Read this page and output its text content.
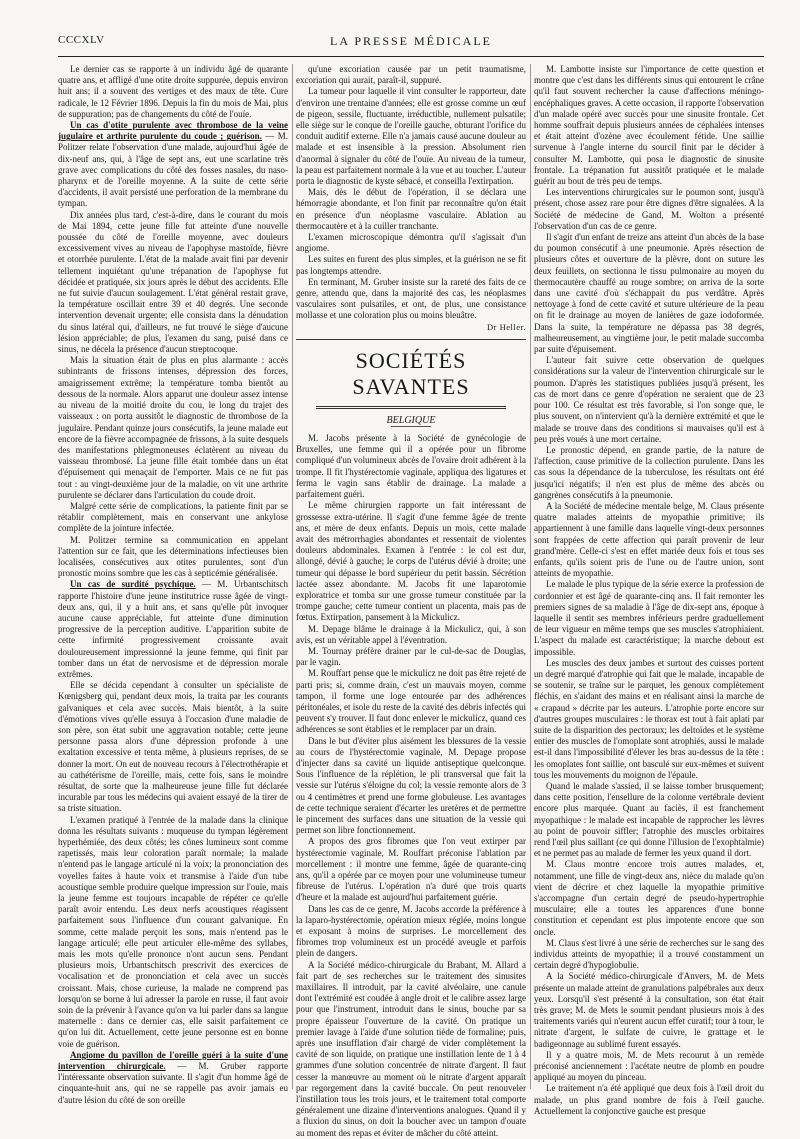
CCCXLV	LA PRESSE MÉDICALE

Le dernier cas se rapporte à un individu âgé de quarante quatre ans, et affligé d'une otite droite suppurée, depuis environ huit ans; il a souvent des vertiges et des maux de tête. Cure radicale, le 12 Février 1896. Depuis la fin du mois de Mai, plus de suppuration; pas de changements du côté de l'ouïe.

Un cas d'otite purulente avec thrombose de la veine jugulaire et arthrite purulente du coude ; guérison. — M. Politzer relate l'observation d'une malade, aujourd'hui âgée de dix-neuf ans, qui, à l'âge de sept ans, eut une scarlatine très grave avec complications du côté des fosses nasales, du naso-pharynx et de l'oreille moyenne. A la suite de cette série d'accidents, il avait persisté une perforation de la membrane du tympan.

Dix années plus tard, c'est-à-dire, dans le courant du mois de Mai 1894, cette jeune fille fut atteinte d'une nouvelle poussée du côté de l'oreille moyenne, avec douleurs excessivement vives au niveau de l'apophyse mastoïde, fièvre et otorrhée purulente. L'état de la malade avait fini par devenir tellement inquiétant qu'une trépanation de l'apophyse fut décidée et pratiquée, six jours après le début des accidents. Elle ne fut suivie d'aucun soulagement. L'état général restait grave, la température oscillait entre 39 et 40 degrés. Une seconde intervention devenait urgente; elle consista dans la dénudation du sinus latéral qui, d'ailleurs, ne fut trouvé le siège d'aucune lésion appréciable; de plus, l'examen du sang, puisé dans ce sinus, ne décela la présence d'aucun streptocoque.

Mais la situation était de plus en plus alarmante : accès subintrants de frissons intenses, dépression des forces, amaigrissement extrême; la température tomba bientôt au dessous de la normale. Alors apparut une douleur assez intense au niveau de la moitié droite du cou, le long du trajet des vaisseaux : on porta aussitôt le diagnostic de thrombose de la jugulaire. Pendant quinze jours consécutifs, la jeune malade eut encore de la fièvre accompagnée de frissons, à la suite desquels des manifestations phlegmoneuses éclatèrent au niveau du vaisseau thrombosé. La jeune fille était tombée dans un état d'épuisement qui menaçait de l'emporter. Mais ce ne fut pas tout : au vingt-deuxième jour de la maladie, on vit une arthrite purulente se déclarer dans l'articulation du coude droit.

Malgré cette série de complications, la patiente finit par se rétablir complètement, mais en conservant une ankylose complète de la jointure infectée.

M. Politzer termine sa communication en appelant l'attention sur ce fait, que les déterminations infectieuses bien localisées, consécutives aux otites purulentes, sont d'un pronostic moins sombre que les cas à septicémie généralisée.

Un cas de surdité psychique. — M. Urbantschitsch rapporte l'histoire d'une jeune institutrice russe âgée de vingt-deux ans, qui, il y a huit ans, et sans qu'elle pût invoquer aucune cause appréciable, fut atteinte d'une diminution progressive de la perception auditive. L'apparition subite de cette infirmité progressivement croissante avait douloureusement impressionné la jeune femme, qui finit par tomber dans un état de nervosisme et de dépression morale extrêmes.

Elle se décida cependant à consulter un spécialiste de Kœnigsberg qui, pendant deux mois, la traita par les courants galvaniques et cela avec succès. Mais bientôt, à la suite d'émotions vives qu'elle essuya à l'occasion d'une maladie de son père, son état subit une aggravation notable; cette jeune personne passa alors d'une dépression profonde à une exaltation excessive et tenta même, à plusieurs reprises, de se donner la mort. On eut de nouveau recours à l'électrothérapie et au cathétérisme de l'oreille, mais, cette fois, sans le moindre résultat, de sorte que la malheureuse jeune fille fut déclarée incurable par tous les médecins qui avaient essayé de la tirer de sa triste situation.

L'examen pratiqué à l'entrée de la malade dans la clinique donna les résultats suivants : muqueuse du tympan légèrement hyperhémiée, des deux côtés; les cônes lumineux sont comme rapetissés, mais leur coloration paraît normale; la malade n'entend pas le langage articulé ni la voix; la prononciation des voyelles faites à haute voix et transmise à l'aide d'un tube acoustique semble produire quelque impression sur l'ouïe, mais la jeune femme est toujours incapable de répéter ce qu'elle paraît avoir entendu. Les deux nerfs acoustiques réagissent parfaitement sous l'influence d'un courant galvanique. En somme, cette malade perçoit les sons, mais n'entend pas le langage articulé; elle peut articuler elle-même des syllabes, mais les mots qu'elle prononce n'ont aucun sens. Pendant plusieurs mois, Urbantschitsch prescrivit des exercices de vocalisation et de prononciation et cela avec un succès croissant. Mais, chose curieuse, la malade ne comprend pas lorsqu'on se borne à lui adresser la parole en russe, il faut avoir soin de la prévenir à l'avance qu'on va lui parler dans sa langue maternelle : dans ce dernier cas, elle saisit parfaitement ce qu'on lui dit. Actuellement, cette jeune personne est en bonne voie de guérison.

Angiome du pavillon de l'oreille guéri à la suite d'une intervention chirurgicale. — M. Gruber rapporte l'intéressante observation suivante. Il s'agit d'un homme âgé de cinquante-huit ans, qui ne se rappelle pas avoir jamais eu d'autre lésion du côté de son oreille

qu'une excoriation causée par un petit traumatisme, excoriation qui aurait, paraît-il, suppuré.

La tumeur pour laquelle il vint consulter le rapporteur, date d'environ une trentaine d'années; elle est grosse comme un œuf de pigeon, sessile, fluctuante, irréductible, nullement pulsatile; elle siège sur le conque de l'oreille gauche, obturant l'orifice du conduit auditif externe. Elle n'a jamais causé aucune douleur au malade et est insensible à la pression. Absolument rien d'anormal à signaler du côté de l'ouïe. Au niveau de la tumeur, la peau est parfaitement normale à la vue et au toucher. L'auteur porta le diagnostic de kyste sébacé, et conseilla l'extirpation.

Mais, dès le début de l'opération, il se déclara une hémorragie abondante, et l'on finit par reconnaître qu'on était en présence d'un néoplasme vasculaire. Ablation au thermocautère et à la cuiller tranchante.

L'examen microscopique démontra qu'il s'agissait d'un angiome.

Les suites en furent des plus simples, et la guérison ne se fit pas longtemps attendre.

En terminant, M. Gruber insiste sur la rareté des faits de ce genre, attendu que, dans la majorité des cas, les néoplasmes vasculaires sont pulsatiles, et ont, de plus, une consistance mollasse et une coloration plus ou moins bleuâtre.

Dr Heller.

SOCIÉTÉS SAVANTES

BELGIQUE

M. Jacobs présente à la Société de gynécologie de Bruxelles, une femme qui il a opérée pour un fibrome compliqué d'un volumineux abcès de l'ovaire droit adhérent à la trompe. Il fit l'hystérectomie vaginale, appliqua des ligatures et ferma le vagin sans établir de drainage. La malade a parfaitement guéri.

Le même chirurgien rapporte un fait intéressant de grossesse extra-utérine. Il s'agit d'une femme âgée de trente ans, et mère de deux enfants. Depuis un mois, cette malade avait des métrorrhagies abondantes et ressentait de violentes douleurs abdominales. Examen à l'entrée : le col est dur, allongé, dévié à gauche; le corps de l'utérus dévié à droite; une tumeur qui dépasse le bord supérieur du petit bassin. Sécrétion lactée assez abondante. M. Jacobs fit une laparotomie exploratrice et tomba sur une grosse tumeur constituée par la trompe gauche; cette tumeur contient un placenta, mais pas de fœtus. Extirpation, pansement à la Mickulicz.

M. Depage blâme le drainage à la Mickulicz, qui, à son avis, est un véritable appel à l'éventration.

M. Tournay préfère drainer par le cul-de-sac de Douglas, par le vagin.

M. Rouffart pense que le mickulicz ne doit pas être rejeté de parti pris; si, comme drain, c'est un mauvais moyen, comme tampon, il forme une loge entourée par des adhérences péritonéales, et isole du reste de la cavité des débris infectés qui peuvent s'y trouver. Il faut donc enlever le mickulicz, quand ces adhérences se sont établies et le remplacer par un drain.

Dans le but d'éviter plus aisément les blessures de la vessie au cours de l'hystérectomie vaginale, M. Depage propose d'injecter dans sa cavité un liquide antiseptique quelconque. Sous l'influence de la réplétion, le pli transversal que fait la vessie sur l'utérus s'éloigne du col; la vessie remonte alors de 3 ou 4 centimètres et prend une forme globuleuse. Les avantages de cette technique seraient d'écarter les uretères et de permettre le pincement des surfaces dans une situation de la vessie qui permet son libre fonctionnement.

A propos des gros fibromes que l'on veut extirper par hystérectomie vaginale, M. Rouffart préconise l'ablation par morcellement : il montre une femme, âgée de quarante-cinq ans, qu'il a opérée par ce moyen pour une volumineuse tumeur fibreuse de l'utérus. L'opération n'a duré que trois quarts d'heure et la malade est aujourd'hui parfaitement guérie.

Dans les cas de ce genre, M. Jacobs accorde la préférence à la laparo-hystérectomie, opération mieux réglée, moins longue et exposant à moins de surprises. Le morcellement des fibromes trop volumineux est un procédé aveugle et parfois plein de dangers.

A la Société médico-chirurgicale du Brabant, M. Allard a fait part de ses recherches sur le traitement des sinusites maxillaires. Il introduit, par la cavité alvéolaire, une canule dont l'extrémité est coudée à angle droit et le calibre assez large pour que l'instrument, introduit dans le sinus, bouche par sa propre épaisseur l'ouverture de la cavité. On pratique un premier lavage à l'aide d'une solution tiède de formaline; puis, après une insufflation d'air chargé de vider complètement la cavité de son liquide, on pratique une instillation lente de 1 à 4 grammes d'une solution concentrée de nitrate d'argent. Il faut cesser la manœuvre au moment où le nitrate d'argent apparaît par regorgement dans la cavité buccale. On peut renouveler l'instillation tous les trois jours, et le traitement total comporte généralement une dizaine d'interventions analogues. Quand il y a fluxion du sinus, on doit la boucher avec un tampon d'ouate au moment des repas et éviter de mâcher du côté atteint.

M. Lambotte insiste sur l'importance de cette question et montre que c'est dans les différents sinus qui entourent le crâne qu'il faut souvent rechercher la cause d'affections méningo-encéphaliques graves. A cette occasion, il rapporte l'observation d'un malade opéré avec succès pour une sinusite frontale. Cet homme souffrait depuis plusieurs années de céphalées intenses et était atteint d'ozène avec écoulement fétide. Une saillie survenue à l'angle interne du sourcil finit par le décider à consulter M. Lambotte, qui posa le diagnostic de sinusite frontale. La trépanation fut aussitôt pratiquée et le malade guérit au bout de très peu de temps.

Les interventions chirurgicales sur le poumon sont, jusqu'à présent, chose assez rare pour être dignes d'être signalées. A la Société de médecine de Gand, M. Wolton a présenté l'observation d'un cas de ce genre.

Il s'agit d'un enfant de treize ans atteint d'un abcès de la base du poumon consécutif à une pneumonie. Après résection de plusieurs côtes et ouverture de la plèvre, dont on suture les deux feuillets, on sectionna le tissu pulmonaire au moyen du thermocautère chauffé au rouge sombre; on arriva de la sorte dans une cavité d'où s'échappait du pus verdâtre. Après nettoyage à fond de cette cavité et suture ultérieure de la peau on fit le drainage au moyen de lanières de gaze iodoformée. Dans la suite, la température ne dépassa pas 38 degrés, malheureusement, au vingtième jour, le petit malade succomba par suite d'épuisement.

L'auteur fait suivre cette observation de quelques considérations sur la valeur de l'intervention chirurgicale sur le poumon. D'après les statistiques publiées jusqu'à présent, les cas de mort dans ce genre d'opération ne seraient que de 23 pour 100. Ce résultat est très favorable, si l'on songe que, le plus souvent, on n'intervient qu'à la dernière extrémité et que le malade se trouve dans des conditions si mauvaises qu'il est à peu près voués à une mort certaine.

Le pronostic dépend, en grande partie, de la nature de l'affection, cause primitive de la collection purulente. Dans les cas sous la dépendance de la tuberculose, les résultats ont été jusqu'ici négatifs; il n'en est plus de même des abcès ou gangrènes consécutifs à la pneumonie.

A la Société de médecine mentale belge, M. Claus présente quatre malades atteints de myopathie primitive; ils appartiennent à une famille dans laquelle vingt-deux personnes sont frappées de cette affection qui paraît provenir de leur grand'mère. Celle-ci s'est en effet mariée deux fois et tous ses enfants, qu'ils soient pris de l'une ou de l'autre union, sont atteints de myopathie.

Le malade le plus typique de la série exerce la profession de cordonnier et est âgé de quarante-cinq ans. Il fait remonter les premiers signes de sa maladie à l'âge de dix-sept ans, époque à laquelle il sentit ses membres inférieurs perdre graduellement de leur vigueur en même temps que ses muscles s'atrophiaient. L'aspect du malade est caractéristique; la marche debout est impossible.

Les muscles des deux jambes et surtout des cuisses portent un degré marqué d'atrophie qui fait que le malade, incapable de se soutenir, se traîne sur le parquet, les genoux complètement fléchis, en s'aidant des mains et en réalisant ainsi la marche de « crapaud » décrite par les auteurs. L'atrophie porte encore sur d'autres groupes musculaires : le thorax est tout à fait aplati par suite de la disparition des pectoraux; les deltoïdes et le système entier des muscles de l'omoplate sont atrophiés, aussi le malade est-il dans l'impossibilité d'élever les bras au-dessus de la tête : les omoplates font saillie, ont basculé sur eux-mêmes et suivent tous les mouvements du moignon de l'épaule.

Quand le malade s'assied, il se laisse tomber brusquement; dans cette position, l'ensellure de la colonne vertébrale devient encore plus marquée. Quant au faciès, il est franchement myopathique : le malade est incapable de rapprocher les lèvres au point de pouvoir siffler; l'atrophie des muscles orbitaires rend l'œil plus saillant (ce qui donne l'illusion de l'exophtalmie) et ne permet pas au malade de fermer les yeux quand il dort.

M. Claus montre encore trois autres malades, et, notamment, une fille de vingt-deux ans, nièce du malade qu'on vient de décrire et chez laquelle la myopathie primitive s'accompagne d'un certain degré de pseudo-hypertrophie musculaire; elle a toutes les apparences d'une bonne constitution et cependant est plus impotente encore que son oncle.

M. Claus s'est livré à une série de recherches sur le sang des individus atteints de myopathie; il a trouvé constamment un certain degré d'hypoglobulie.

A la Société médico-chirurgicale d'Anvers, M. de Mets présente un malade atteint de granulations palpébrales aux deux yeux. Lorsqu'il s'est présenté à la consultation, son état était très grave; M. de Mets le soumit pendant plusieurs mois à des traitements variés qui n'eurent aucun effet curatif; tour à tour, le nitrate d'argent, le sulfate de cuivre, le grattage et le badigeonnage au sublimé furent essayés.

Il y a quatre mois, M. de Mets recourut à un remède préconisé anciennement : l'acétate neutre de plomb en poudre appliqué au moyen du pinceau.

Le traitement n'a été appliqué que deux fois à l'œil droit du malade, un plus grand nombre de fois à l'œil gauche. Actuellement la conjonctive gauche est presque
